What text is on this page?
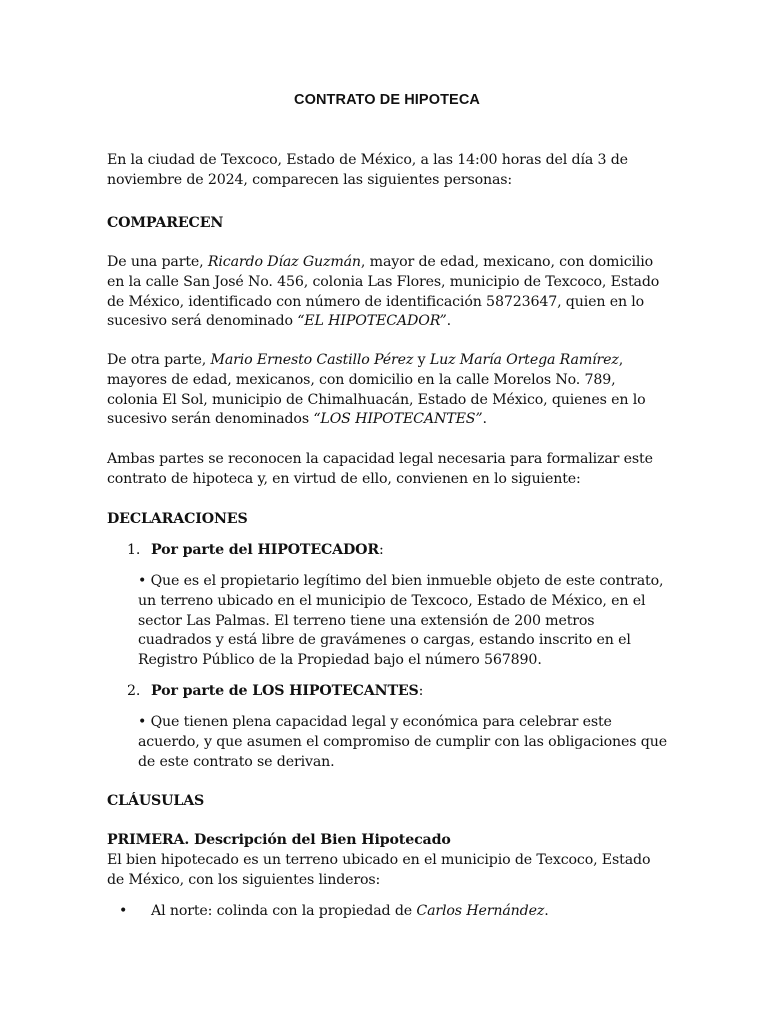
CONTRATO DE HIPOTECA
En la ciudad de Texcoco, Estado de México, a las 14:00 horas del día 3 de noviembre de 2024, comparecen las siguientes personas:
COMPARECEN
De una parte, Ricardo Díaz Guzmán, mayor de edad, mexicano, con domicilio en la calle San José No. 456, colonia Las Flores, municipio de Texcoco, Estado de México, identificado con número de identificación 58723647, quien en lo sucesivo será denominado “EL HIPOTECADOR”.
De otra parte, Mario Ernesto Castillo Pérez y Luz María Ortega Ramírez, mayores de edad, mexicanos, con domicilio en la calle Morelos No. 789, colonia El Sol, municipio de Chimalhuacán, Estado de México, quienes en lo sucesivo serán denominados “LOS HIPOTECANTES”.
Ambas partes se reconocen la capacidad legal necesaria para formalizar este contrato de hipoteca y, en virtud de ello, convienen en lo siguiente:
DECLARACIONES
1. Por parte del HIPOTECADOR:
• Que es el propietario legítimo del bien inmueble objeto de este contrato, un terreno ubicado en el municipio de Texcoco, Estado de México, en el sector Las Palmas. El terreno tiene una extensión de 200 metros cuadrados y está libre de gravámenes o cargas, estando inscrito en el Registro Público de la Propiedad bajo el número 567890.
2. Por parte de LOS HIPOTECANTES:
• Que tienen plena capacidad legal y económica para celebrar este acuerdo, y que asumen el compromiso de cumplir con las obligaciones que de este contrato se derivan.
CLÁUSULAS
PRIMERA. Descripción del Bien Hipotecado
El bien hipotecado es un terreno ubicado en el municipio de Texcoco, Estado de México, con los siguientes linderos:
• Al norte: colinda con la propiedad de Carlos Hernández.
